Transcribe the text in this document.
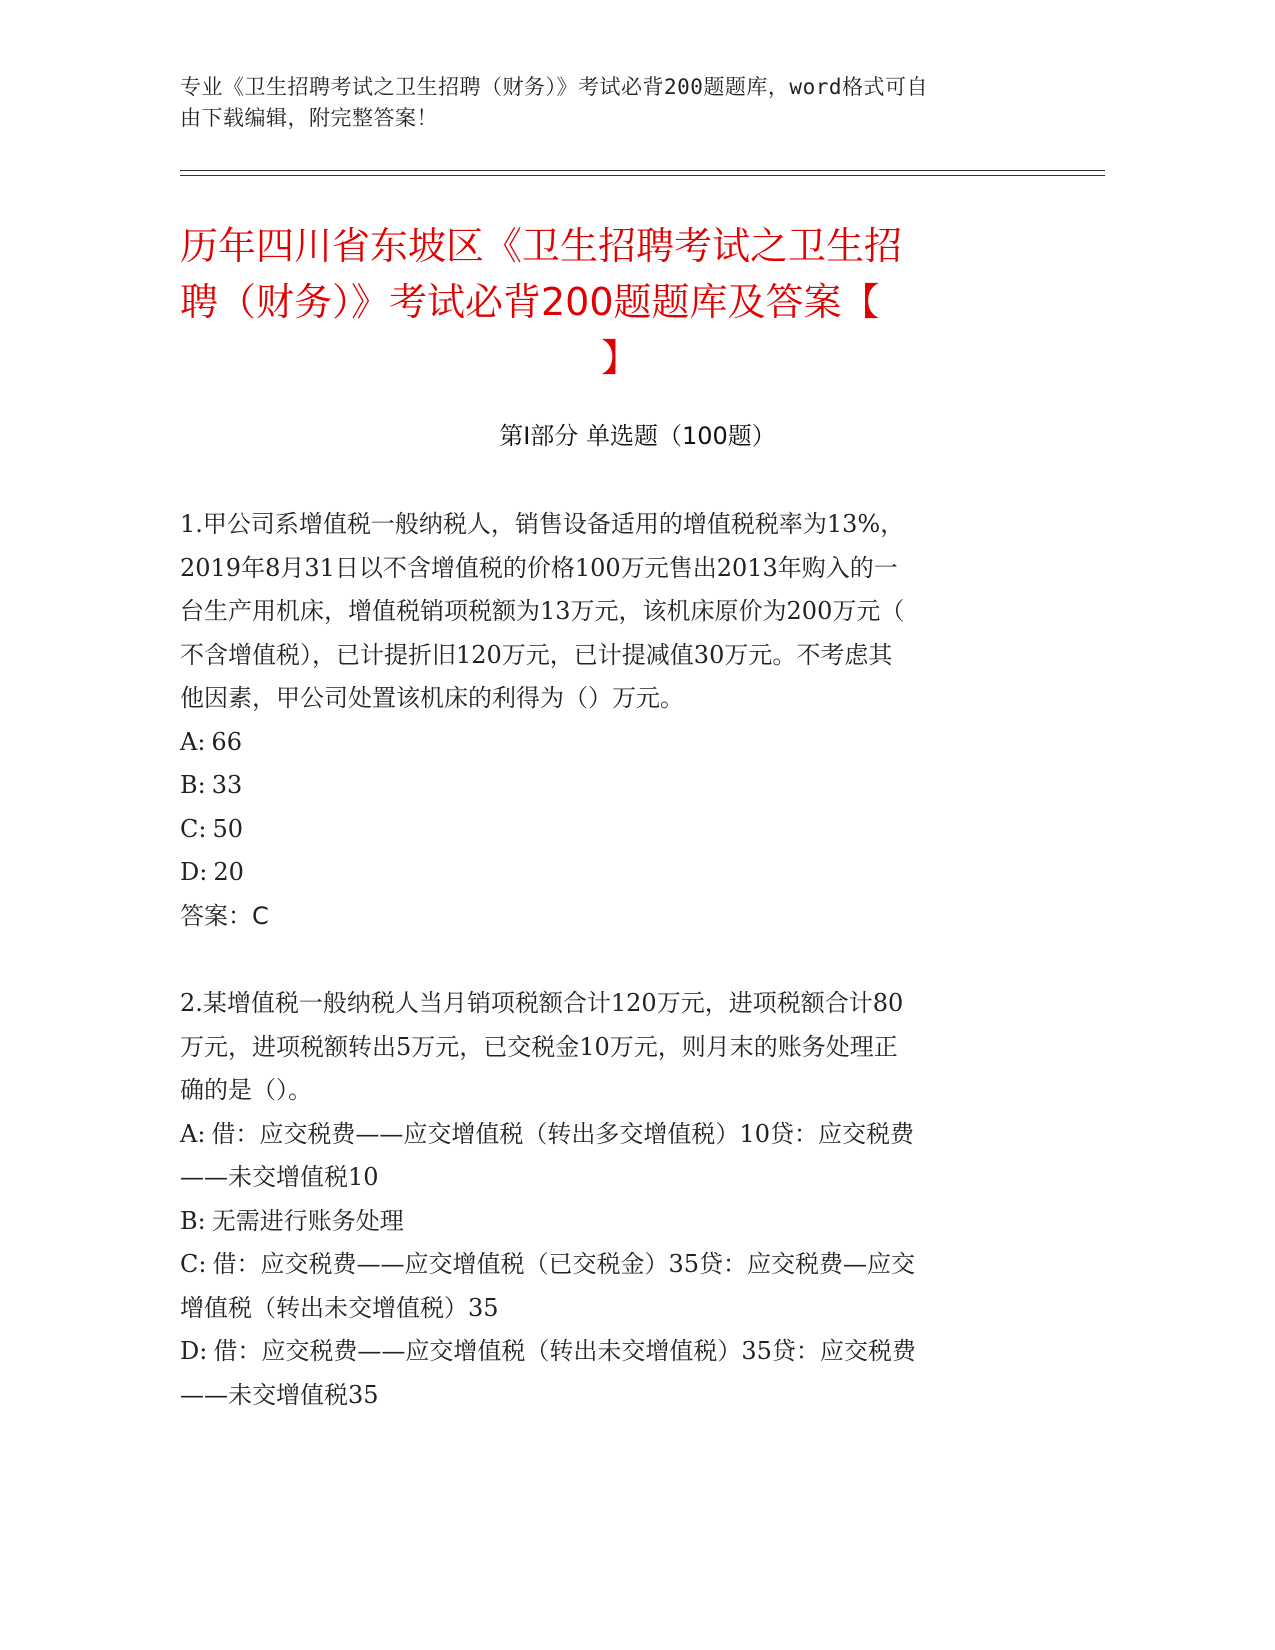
专业《卫生招聘考试之卫生招聘（财务）》考试必背200题题库，word格式可自
由下载编辑，附完整答案！
历年四川省东坡区《卫生招聘考试之卫生招
聘（财务）》考试必背200题题库及答案【
】
第I部分 单选题（100题）
1.甲公司系增值税一般纳税人，销售设备适用的增值税税率为13%，
2019年8月31日以不含增值税的价格100万元售出2013年购入的一
台生产用机床，增值税销项税额为13万元，该机床原价为200万元（
不含增值税），已计提折旧120万元，已计提减值30万元。不考虑其
他因素，甲公司处置该机床的利得为（）万元。
A: 66
B: 33
C: 50
D: 20
答案：C
2.某增值税一般纳税人当月销项税额合计120万元，进项税额合计80
万元，进项税额转出5万元，已交税金10万元，则月末的账务处理正
确的是（）。
A: 借：应交税费——应交增值税（转出多交增值税）10贷：应交税费
——未交增值税10
B: 无需进行账务处理
C: 借：应交税费——应交增值税（已交税金）35贷：应交税费—应交
增值税（转出未交增值税）35
D: 借：应交税费——应交增值税（转出未交增值税）35贷：应交税费
——未交增值税35
